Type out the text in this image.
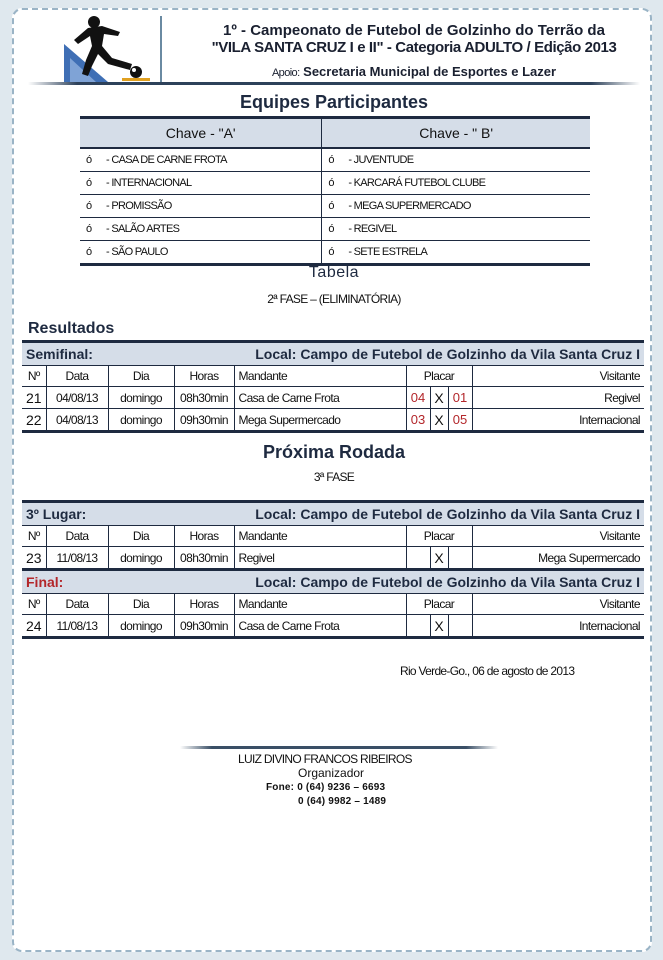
1º - Campeonato de Futebol de Golzinho do Terrão da
"VILA SANTA CRUZ I e II" - Categoria ADULTO / Edição 2013
Apoio: Secretaria Municipal de Esportes e Lazer
Equipes Participantes
Chave - "A'	Chave - " B'
ó - CASA DE CARNE FROTA	ó - JUVENTUDE
ó - INTERNACIONAL	ó - KARCARÁ FUTEBOL CLUBE
ó - PROMISSÃO	ó - MEGA SUPERMERCADO
ó - SALÃO ARTES	ó - REGIVEL
ó - SÃO PAULO	ó - SETE ESTRELA
Tabela
2ª FASE – (ELIMINATÓRIA)
Resultados
Semifinal:				Local: Campo de Futebol de Golzinho da Vila Santa Cruz I				
Nº	Data	Dia	Horas	Mandante	Placar			Visitante
21	04/08/13	domingo	08h30min	Casa de Carne Frota	04	X	01	Regivel
22	04/08/13	domingo	09h30min	Mega Supermercado	03	X	05	Internacional
Próxima Rodada
3ª FASE
3º Lugar:				Local: Campo de Futebol de Golzinho da Vila Santa Cruz I				
Nº	Data	Dia	Horas	Mandante	Placar			Visitante
23	11/08/13	domingo	08h30min	Regivel		X		Mega Supermercado
Final:				Local: Campo de Futebol de Golzinho da Vila Santa Cruz I				
Nº	Data	Dia	Horas	Mandante	Placar			Visitante
24	11/08/13	domingo	09h30min	Casa de Carne Frota		X		Internacional
Rio Verde-Go., 06 de agosto de 2013
LUIZ DIVINO FRANCOS RIBEIROS
Organizador
Fone: 0 (64) 9236 – 6693
0 (64) 9982 – 1489
